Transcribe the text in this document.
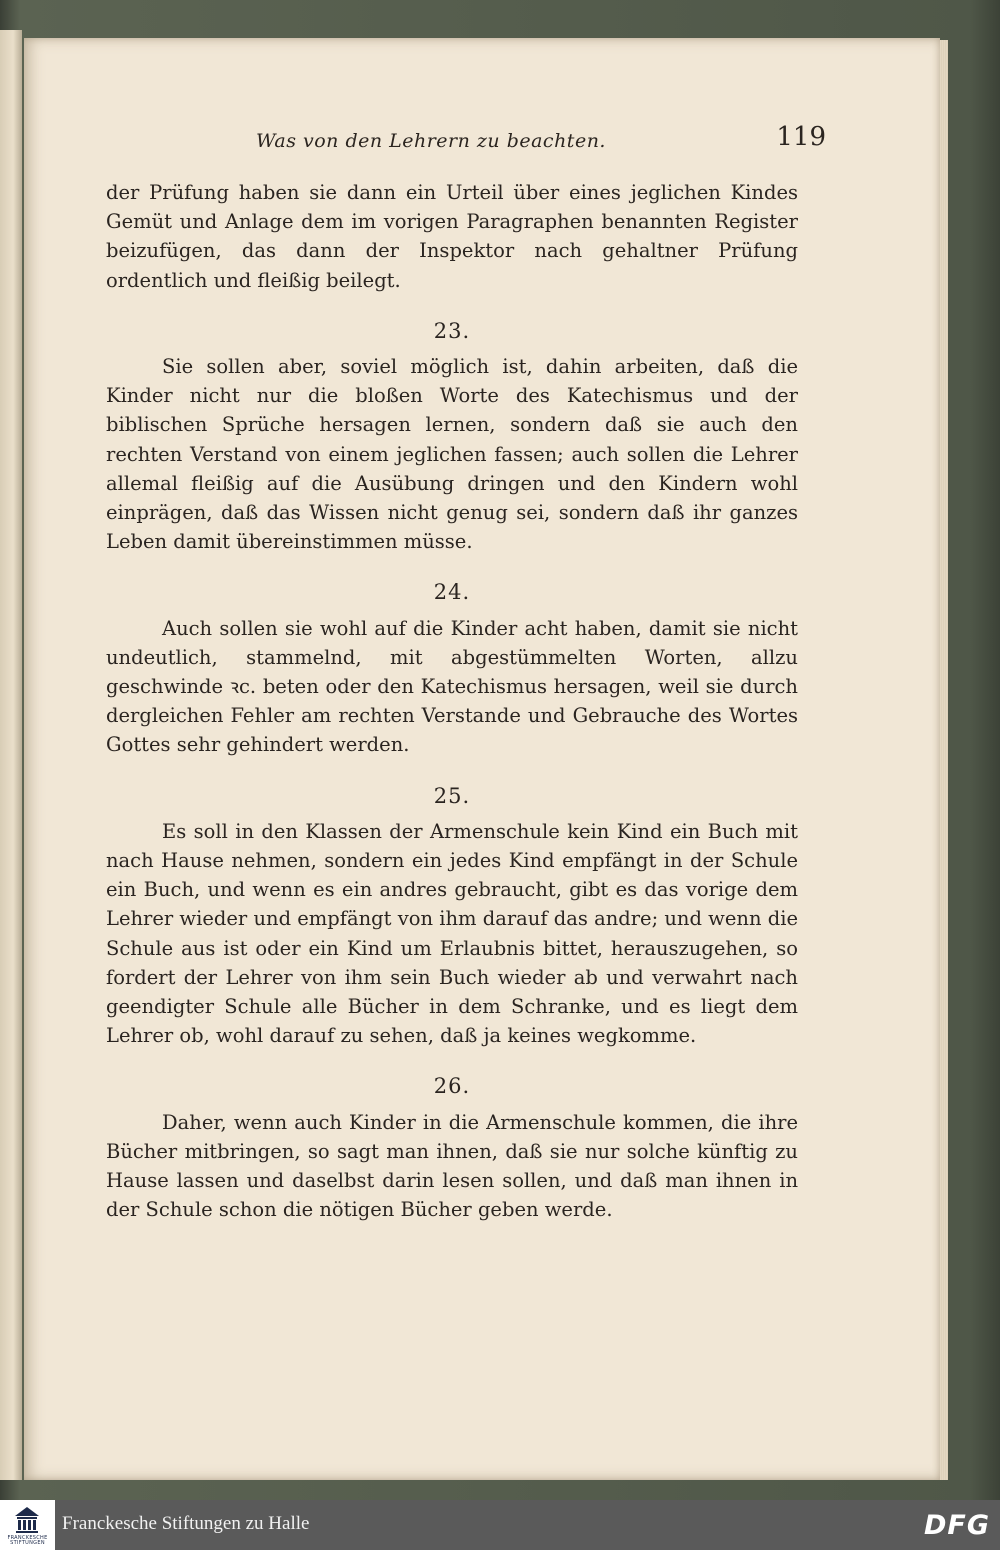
Was von den Lehrern zu beachten.	119

der Prüfung haben sie dann ein Urteil über eines jeglichen Kindes Gemüt und Anlage dem im vorigen Paragraphen benannten Register beizufügen, das dann der Inspektor nach gehaltner Prüfung ordentlich und fleißig beilegt.

23.

Sie sollen aber, soviel möglich ist, dahin arbeiten, daß die Kinder nicht nur die bloßen Worte des Katechismus und der biblischen Sprüche hersagen lernen, sondern daß sie auch den rechten Verstand von einem jeglichen fassen; auch sollen die Lehrer allemal fleißig auf die Ausübung dringen und den Kindern wohl einprägen, daß das Wissen nicht genug sei, sondern daß ihr ganzes Leben damit übereinstimmen müsse.

24.

Auch sollen sie wohl auf die Kinder acht haben, damit sie nicht undeutlich, stammelnd, mit abgestümmelten Worten, allzu geschwinde ꝛc. beten oder den Katechismus hersagen, weil sie durch dergleichen Fehler am rechten Verstande und Gebrauche des Wortes Gottes sehr gehindert werden.

25.

Es soll in den Klassen der Armenschule kein Kind ein Buch mit nach Hause nehmen, sondern ein jedes Kind empfängt in der Schule ein Buch, und wenn es ein andres gebraucht, gibt es das vorige dem Lehrer wieder und empfängt von ihm darauf das andre; und wenn die Schule aus ist oder ein Kind um Erlaubnis bittet, herauszugehen, so fordert der Lehrer von ihm sein Buch wieder ab und verwahrt nach geendigter Schule alle Bücher in dem Schranke, und es liegt dem Lehrer ob, wohl darauf zu sehen, daß ja keines wegkomme.

26.

Daher, wenn auch Kinder in die Armenschule kommen, die ihre Bücher mitbringen, so sagt man ihnen, daß sie nur solche künftig zu Hause lassen und daselbst darin lesen sollen, und daß man ihnen in der Schule schon die nötigen Bücher geben werde.

FRANCKESCHE STIFTUNGEN
Franckesche Stiftungen zu Halle	DFG
